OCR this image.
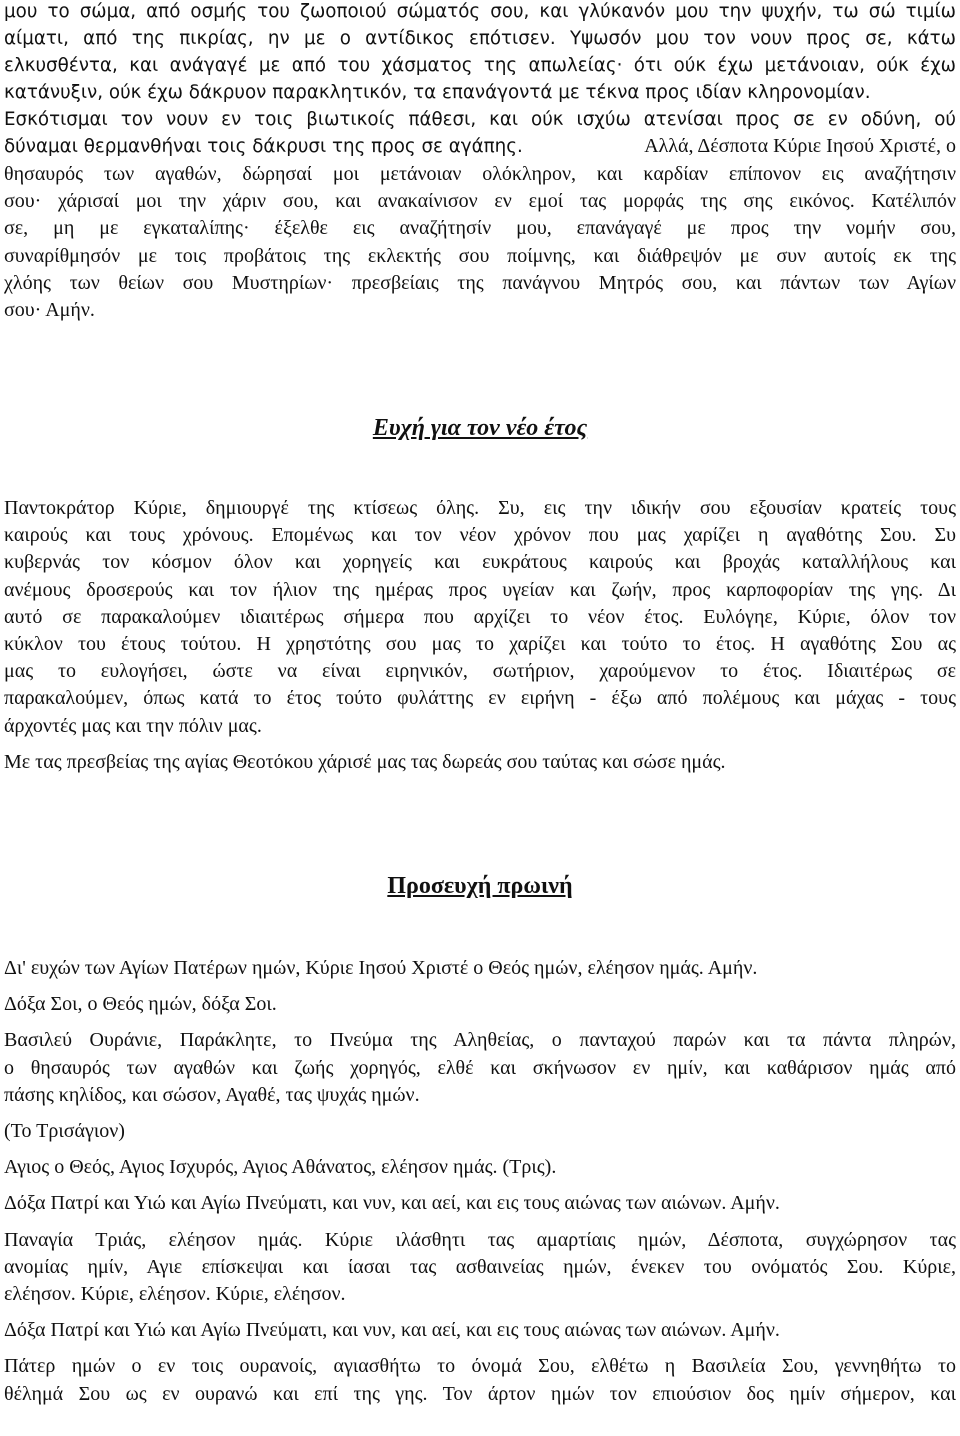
μου το σώμα, από οσμής του ζωοποιού σώματός σου, και γλύκανόν μου την ψυχήν, τω σώ τιμίω
αίματι, από της πικρίας, ην με ο αντίδικος επότισεν. Υψωσόν μου τον νουν προς σε, κάτω
ελκυσθέντα, και ανάγαγέ με από του χάσματος της απωλείας· ότι ούκ έχω μετάνοιαν, ούκ έχω
κατάνυξιν, ούκ έχω δάκρυον παρακλητικόν, τα επανάγοντά με τέκνα προς ιδίαν κληρονομίαν.
Εσκότισμαι τον νουν εν τοις βιωτικοίς πάθεσι, και ούκ ισχύω ατενίσαι προς σε εν οδύνη, ού
δύναμαι θερμανθήναι τοις δάκρυσι της προς σε αγάπης.	Αλλά, Δέσποτα Κύριε Ιησού Χριστέ, ο
θησαυρός των αγαθών, δώρησαί μοι μετάνοιαν ολόκληρον, και καρδίαν επίπονον εις αναζήτησιν
σου· χάρισαί μοι την χάριν σου, και ανακαίνισον εν εμοί τας μορφάς της σης εικόνος. Κατέλιπόν
σε, μη με εγκαταλίπης· έξελθε εις αναζήτησίν μου, επανάγαγέ με προς την νομήν σου,
συναρίθμησόν με τοις προβάτοις της εκλεκτής σου ποίμνης, και διάθρεψόν με συν αυτοίς εκ της
χλόης των θείων σου Μυστηρίων· πρεσβείαις της πανάγνου Μητρός σου, και πάντων των Αγίων
σου· Αμήν.
Ευχή για τον νέο έτος
Παντοκράτορ Κύριε, δημιουργέ της κτίσεως όλης. Συ, εις την ιδικήν σου εξουσίαν κρατείς τους
καιρούς και τους χρόνους. Επομένως και τον νέον χρόνον που μας χαρίζει η αγαθότης Σου. Συ
κυβερνάς τον κόσμον όλον και χορηγείς και ευκράτους καιρούς και βροχάς καταλλήλους και
ανέμους δροσερούς και τον ήλιον της ημέρας προς υγείαν και ζωήν, προς καρποφορίαν της γης. Δι
αυτό σε παρακαλούμεν ιδιαιτέρως σήμερα που αρχίζει το νέον έτος. Ευλόγηε, Κύριε, όλον τον
κύκλον του έτους τούτου. Η χρηστότης σου μας το χαρίζει και τούτο το έτος. Η αγαθότης Σου ας
μας το ευλογήσει, ώστε να είναι ειρηνικόν, σωτήριον, χαρούμενον το έτος. Ιδιαιτέρως σε
παρακαλούμεν, όπως κατά το έτος τούτο φυλάττης εν ειρήνη - έξω από πολέμους και μάχας - τους
άρχοντές μας και την πόλιν μας.
Με τας πρεσβείας της αγίας Θεοτόκου χάρισέ μας τας δωρεάς σου ταύτας και σώσε ημάς.
Προσευχή πρωινή
Δι' ευχών των Αγίων Πατέρων ημών, Κύριε Ιησού Χριστέ ο Θεός ημών, ελέησον ημάς. Αμήν.
Δόξα Σοι, ο Θεός ημών, δόξα Σοι.
Βασιλεύ Ουράνιε, Παράκλητε, το Πνεύμα της Αληθείας, ο πανταχού παρών και τα πάντα πληρών,
ο θησαυρός των αγαθών και ζωής χορηγός, ελθέ και σκήνωσον εν ημίν, και καθάρισον ημάς από
πάσης κηλίδος, και σώσον, Αγαθέ, τας ψυχάς ημών.
(Το Τρισάγιον)
Αγιος ο Θεός, Αγιος Ισχυρός, Αγιος Αθάνατος, ελέησον ημάς. (Τρις).
Δόξα Πατρί και Υιώ και Αγίω Πνεύματι, και νυν, και αεί, και εις τους αιώνας των αιώνων. Αμήν.
Παναγία Τριάς, ελέησον ημάς. Κύριε ιλάσθητι τας αμαρτίαις ημών, Δέσποτα, συγχώρησον τας
ανομίας ημίν, Αγιε επίσκεψαι και ίασαι τας ασθαινείας ημών, ένεκεν του ονόματός Σου. Κύριε,
ελέησον. Κύριε, ελέησον. Κύριε, ελέησον.
Δόξα Πατρί και Υιώ και Αγίω Πνεύματι, και νυν, και αεί, και εις τους αιώνας των αιώνων. Αμήν.
Πάτερ ημών ο εν τοις ουρανοίς, αγιασθήτω το όνομά Σου, ελθέτω η Βασιλεία Σου, γεννηθήτω το
θέλημά Σου ως εν ουρανώ και επί της γης. Τον άρτον ημών τον επιούσιον δος ημίν σήμερον, και
